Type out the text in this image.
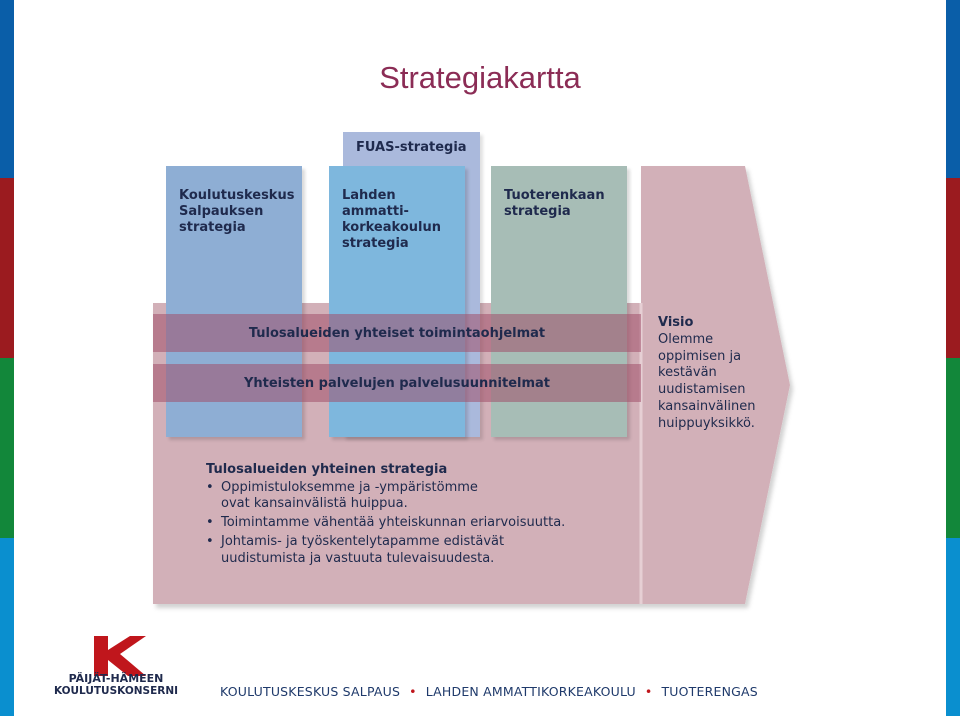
Strategiakartta
Koulutuskeskus
Salpauksen
strategia
FUAS-strategia
Lahden ammatti-
korkeakoulun
strategia
Tuoterenkaan
strategia
Tulosalueiden yhteiset toimintaohjelmat
Yhteisten palvelujen palvelusuunnitelmat
Visio
Olemme
oppimisen ja
kestävän
uudistamisen
kansainvälinen
huippuyksikkö.
Tulosalueiden yhteinen strategia
• Oppimistuloksemme ja -ympäristömme
ovat kansainvälistä huippua.
• Toimintamme vähentää yhteiskunnan eriarvoisuutta.
• Johtamis- ja työskentelytapamme edistävät
uudistumista ja vastuuta tulevaisuudesta.
PÄIJÄT-HÄMEEN
KOULUTUSKONSERNI	KOULUTUSKESKUS SALPAUS • LAHDEN AMMATTIKORKEAKOULU • TUOTERENGAS
